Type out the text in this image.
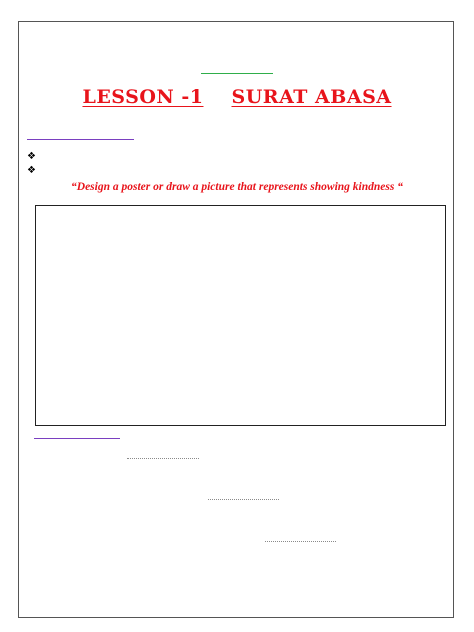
LESSON -1 SURAT ABASA
❖
❖
“Design a poster or draw a picture that represents showing kindness “
